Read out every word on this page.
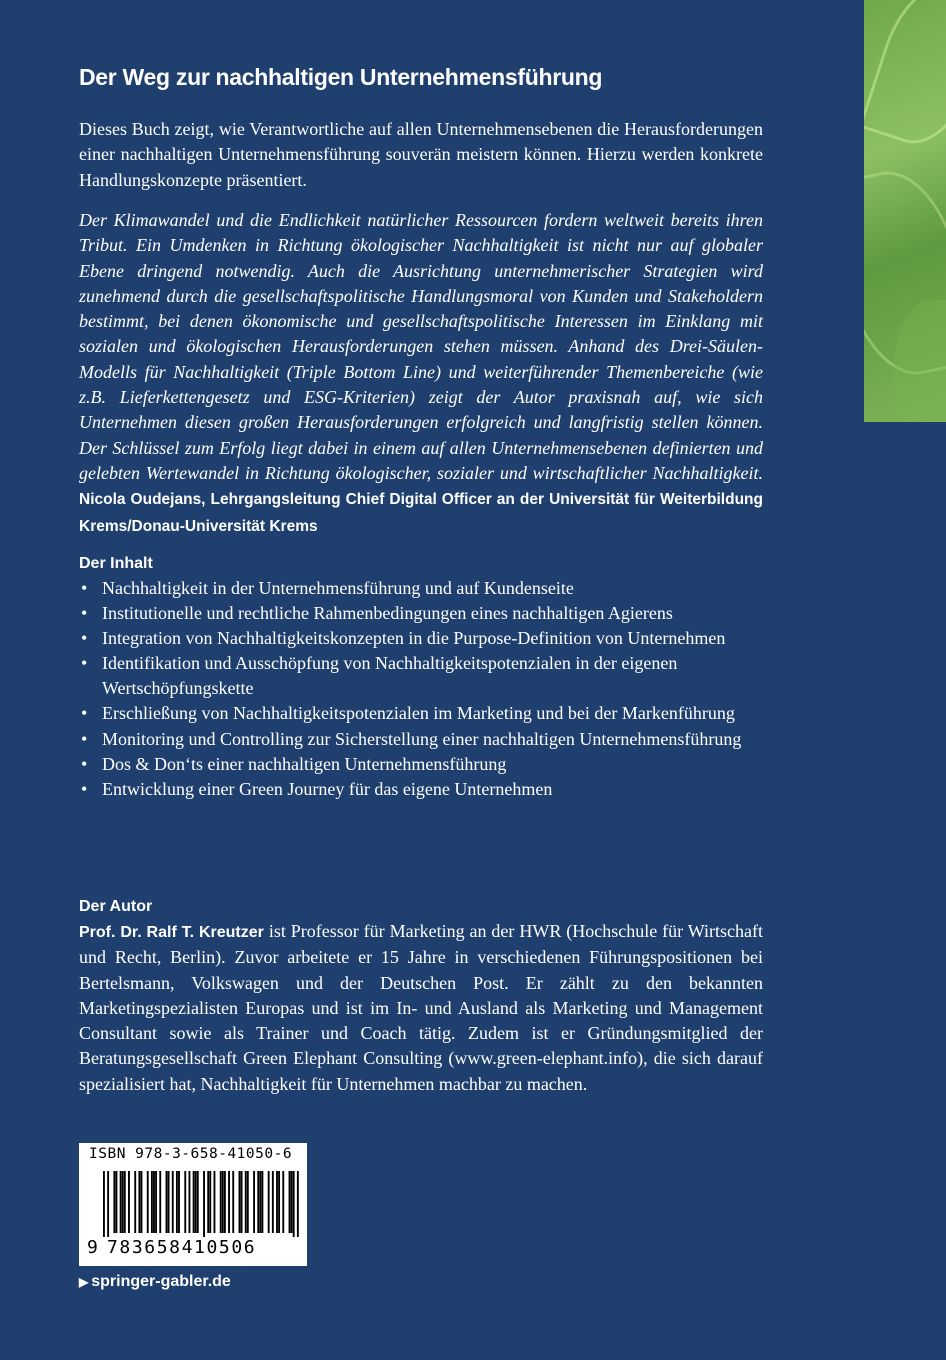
Der Weg zur nachhaltigen Unternehmensführung
Dieses Buch zeigt, wie Verantwortliche auf allen Unternehmensebenen die Herausforderungen einer nachhaltigen Unternehmensführung souverän meistern können. Hierzu werden konkrete Handlungskonzepte präsentiert.
Der Klimawandel und die Endlichkeit natürlicher Ressourcen fordern weltweit bereits ihren Tribut. Ein Umdenken in Richtung ökologischer Nachhaltigkeit ist nicht nur auf globaler Ebene dringend notwendig. Auch die Ausrichtung unternehmerischer Strategien wird zunehmend durch die gesellschaftspolitische Handlungsmoral von Kunden und Stakeholdern bestimmt, bei denen ökonomische und gesellschaftspolitische Interessen im Einklang mit sozialen und ökologischen Herausforderungen stehen müssen. Anhand des Drei-Säulen-Modells für Nachhaltigkeit (Triple Bottom Line) und weiterführender Themenbereiche (wie z.B. Lieferkettengesetz und ESG-Kriterien) zeigt der Autor praxisnah auf, wie sich Unternehmen diesen großen Herausforderungen erfolgreich und langfristig stellen können. Der Schlüssel zum Erfolg liegt dabei in einem auf allen Unternehmensebenen definierten und gelebten Wertewandel in Richtung ökologischer, sozialer und wirtschaftlicher Nachhaltigkeit. Nicola Oudejans, Lehrgangsleitung Chief Digital Officer an der Universität für Weiterbildung Krems/Donau-Universität Krems
Der Inhalt
• Nachhaltigkeit in der Unternehmensführung und auf Kundenseite
• Institutionelle und rechtliche Rahmenbedingungen eines nachhaltigen Agierens
• Integration von Nachhaltigkeitskonzepten in die Purpose-Definition von Unternehmen
• Identifikation und Ausschöpfung von Nachhaltigkeitspotenzialen in der eigenen Wertschöpfungskette
• Erschließung von Nachhaltigkeitspotenzialen im Marketing und bei der Markenführung
• Monitoring und Controlling zur Sicherstellung einer nachhaltigen Unternehmensführung
• Dos & Don‘ts einer nachhaltigen Unternehmensführung
• Entwicklung einer Green Journey für das eigene Unternehmen
Der Autor
Prof. Dr. Ralf T. Kreutzer ist Professor für Marketing an der HWR (Hochschule für Wirtschaft und Recht, Berlin). Zuvor arbeitete er 15 Jahre in verschiedenen Führungspositionen bei Bertelsmann, Volkswagen und der Deutschen Post. Er zählt zu den bekannten Marketingspezialisten Europas und ist im In- und Ausland als Marketing und Management Consultant sowie als Trainer und Coach tätig. Zudem ist er Gründungsmitglied der Beratungsgesellschaft Green Elephant Consulting (www.green-elephant.info), die sich darauf spezialisiert hat, Nachhaltigkeit für Unternehmen machbar zu machen.
ISBN 978-3-658-41050-6
9 783658410506
▶ springer-gabler.de
